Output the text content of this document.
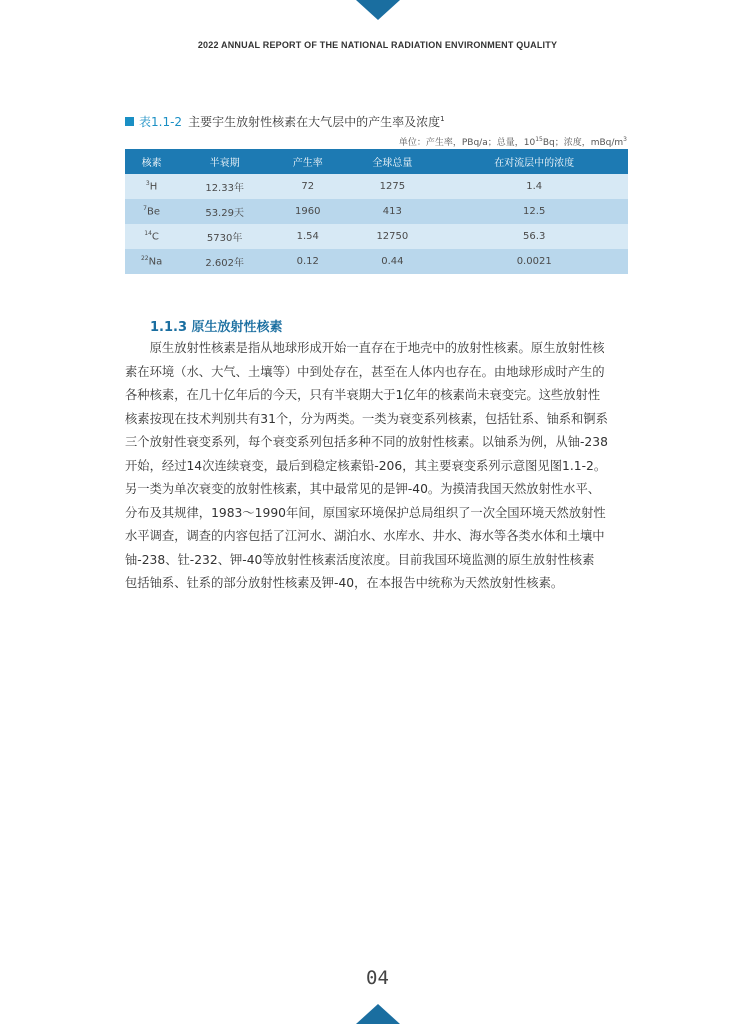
2022 ANNUAL REPORT OF THE NATIONAL RADIATION ENVIRONMENT QUALITY
表1.1-2 主要宇生放射性核素在大气层中的产生率及浓度$^1$
单位：产生率，PBq/a；总量，$10^{15}Bq$；浓度，mBq/$m^3$
核素	半衰期	产生率	全球总量	在对流层中的浓度
$^3$H	12.33年	72	1275	1.4
$^7$Be	53.29天	1960	413	12.5
$^{14}$C	5730年	1.54	12750	56.3
$^{22}$Na	2.602年	0.12	0.44	0.0021
1.1.3 原生放射性核素
　　原生放射性核素是指从地球形成开始一直存在于地壳中的放射性核素。原生放射性核
素在环境（水、大气、土壤等）中到处存在，甚至在人体内也存在。由地球形成时产生的
各种核素，在几十亿年后的今天，只有半衰期大于1亿年的核素尚未衰变完。这些放射性
核素按现在技术判别共有31个，分为两类。一类为衰变系列核素，包括钍系、铀系和锕系
三个放射性衰变系列，每个衰变系列包括多种不同的放射性核素。以铀系为例，从铀-238
开始，经过14次连续衰变，最后到稳定核素铅-206，其主要衰变系列示意图见图1.1-2。
另一类为单次衰变的放射性核素，其中最常见的是钾-40。为摸清我国天然放射性水平、
分布及其规律，1983～1990年间，原国家环境保护总局组织了一次全国环境天然放射性
水平调查，调查的内容包括了江河水、湖泊水、水库水、井水、海水等各类水体和土壤中
铀-238、钍-232、钾-40等放射性核素活度浓度。目前我国环境监测的原生放射性核素
包括铀系、钍系的部分放射性核素及钾-40，在本报告中统称为天然放射性核素。
04
